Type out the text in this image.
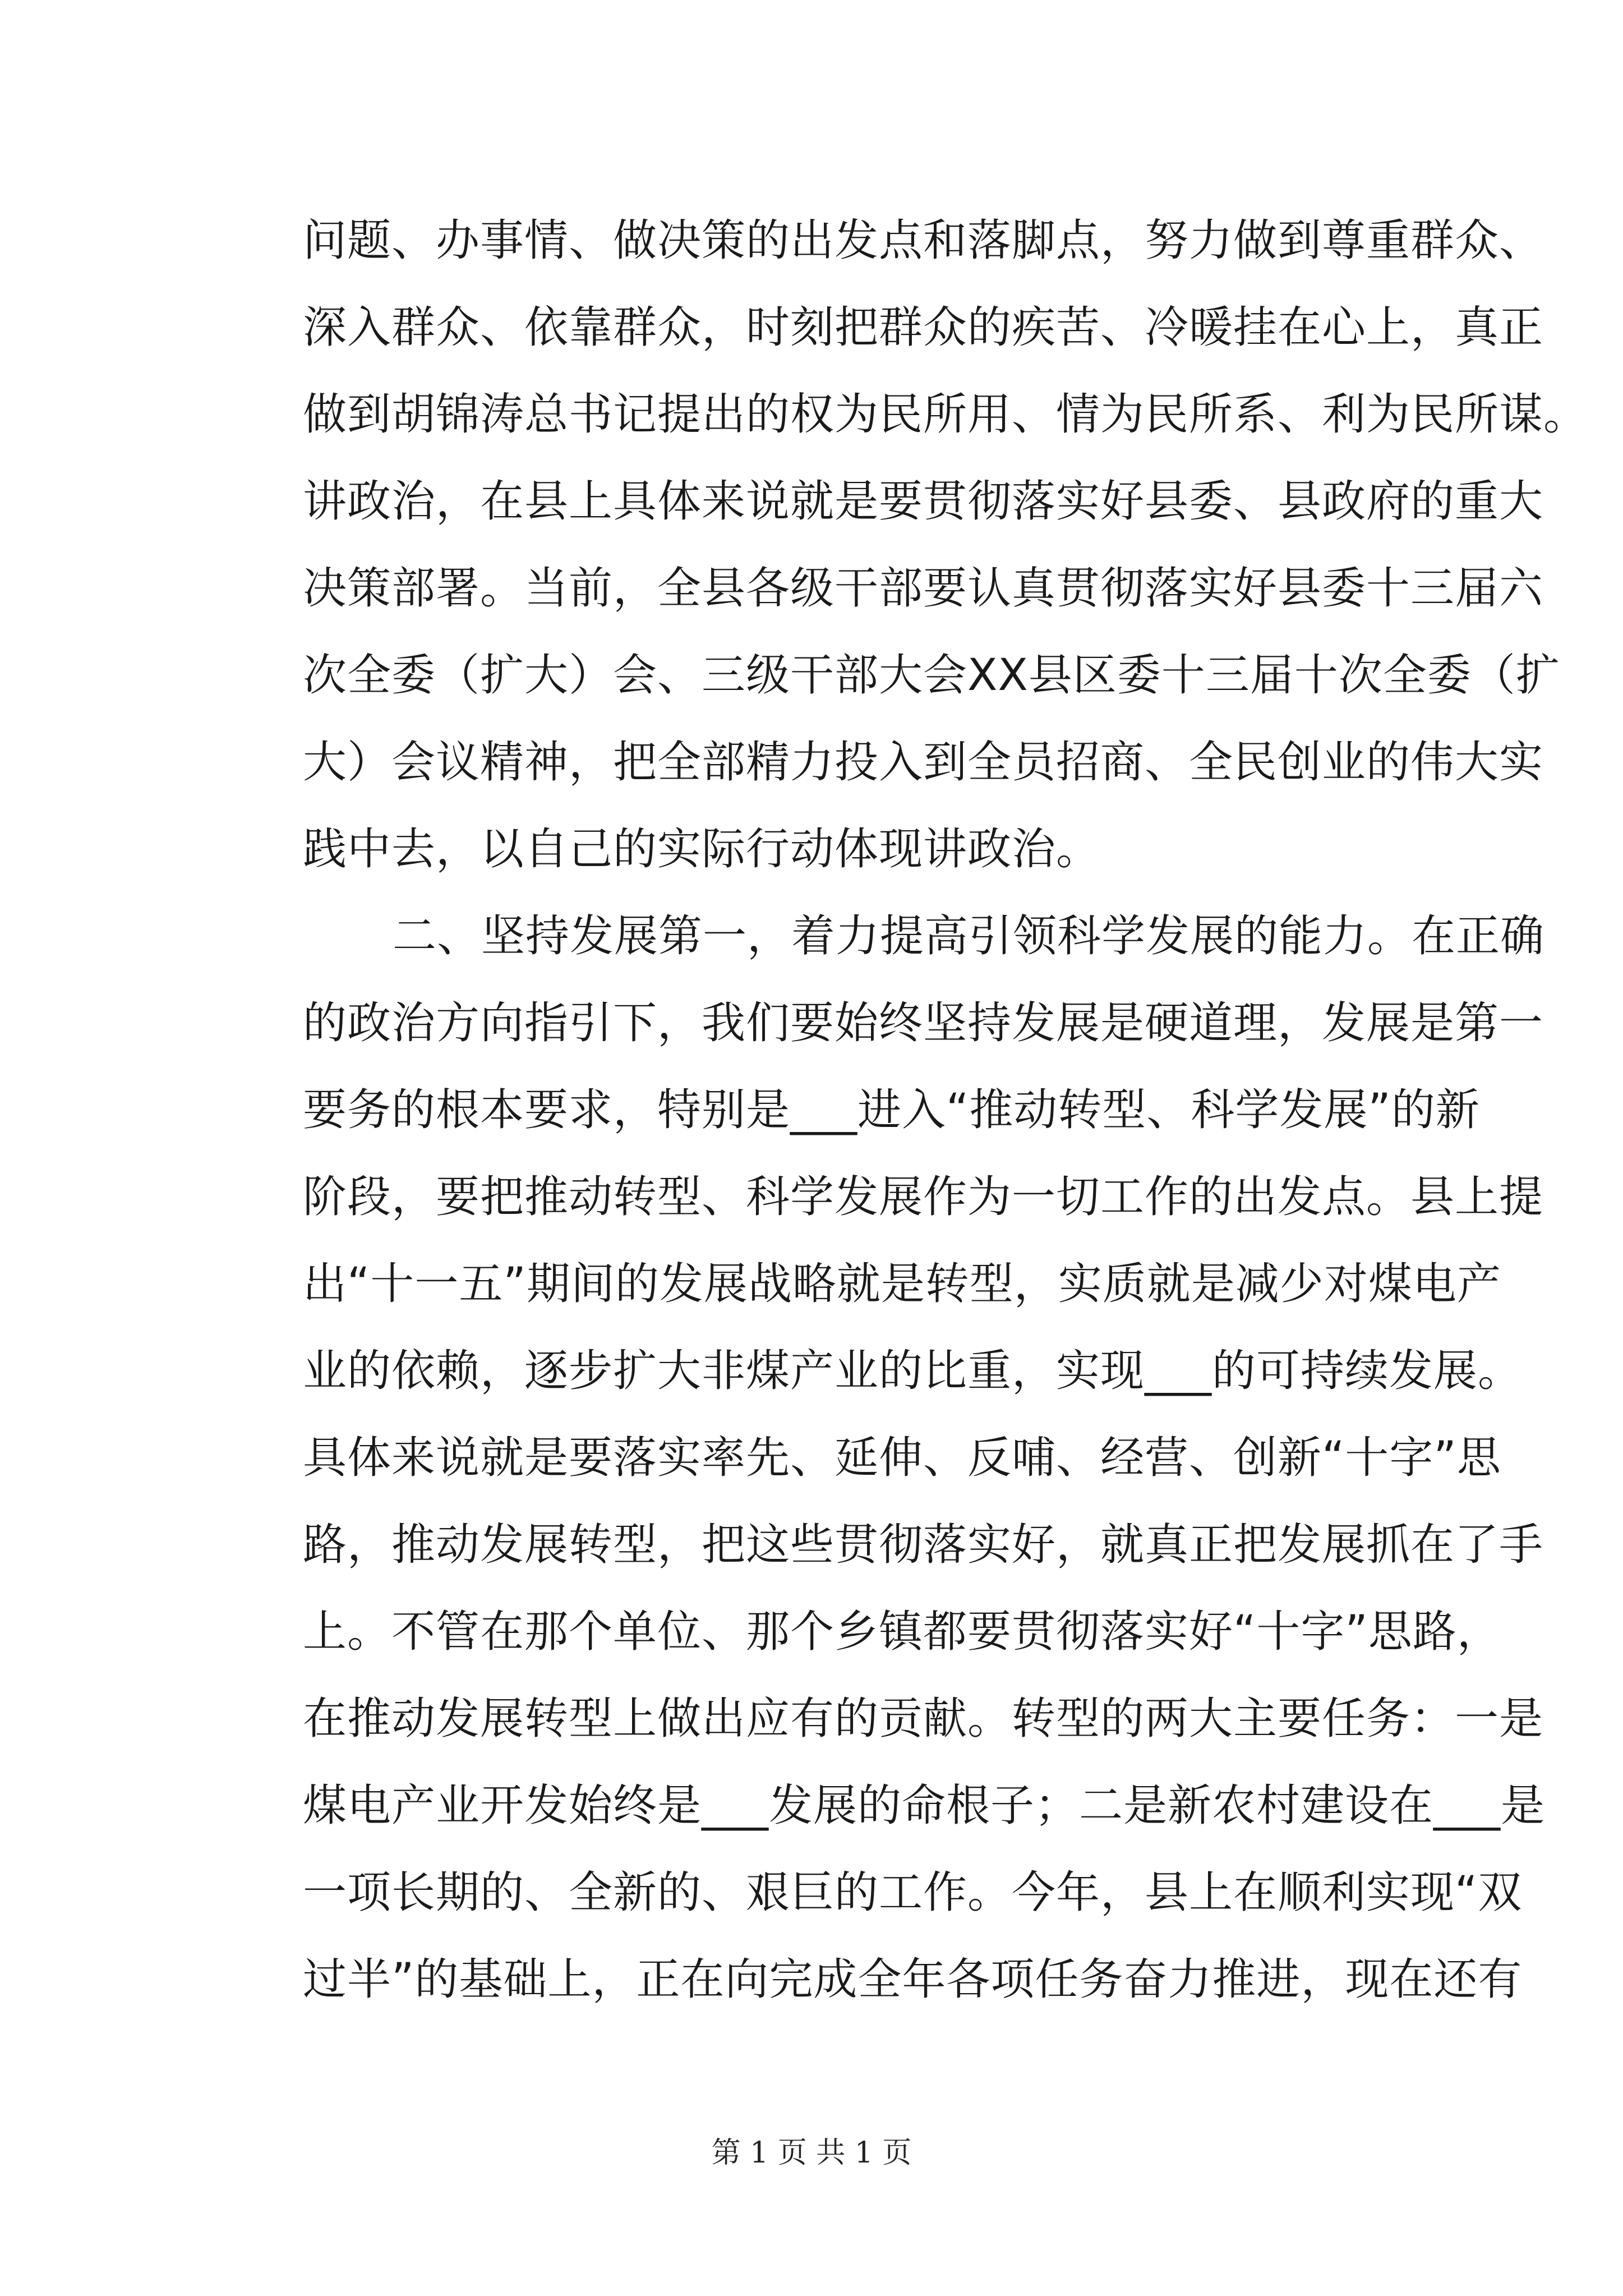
问题、办事情、做决策的出发点和落脚点，努力做到尊重群众、
深入群众、依靠群众，时刻把群众的疾苦、冷暖挂在心上，真正
做到胡锦涛总书记提出的权为民所用、情为民所系、利为民所谋。
讲政治，在县上具体来说就是要贯彻落实好县委、县政府的重大
决策部署。当前，全县各级干部要认真贯彻落实好县委十三届六
次全委（扩大）会、三级干部大会XX县区委十三届十次全委（扩
大）会议精神，把全部精力投入到全员招商、全民创业的伟大实
践中去，以自己的实际行动体现讲政治。
二、坚持发展第一，着力提高引领科学发展的能力。在正确
的政治方向指引下，我们要始终坚持发展是硬道理，发展是第一
要务的根本要求，特别是___进入“推动转型、科学发展”的新
阶段，要把推动转型、科学发展作为一切工作的出发点。县上提
出“十一五”期间的发展战略就是转型，实质就是减少对煤电产
业的依赖，逐步扩大非煤产业的比重，实现___的可持续发展。
具体来说就是要落实率先、延伸、反哺、经营、创新“十字”思
路，推动发展转型，把这些贯彻落实好，就真正把发展抓在了手
上。不管在那个单位、那个乡镇都要贯彻落实好“十字”思路，
在推动发展转型上做出应有的贡献。转型的两大主要任务：一是
煤电产业开发始终是___发展的命根子；二是新农村建设在___是
一项长期的、全新的、艰巨的工作。今年，县上在顺利实现“双
过半”的基础上，正在向完成全年各项任务奋力推进，现在还有
第 1 页 共 1 页
